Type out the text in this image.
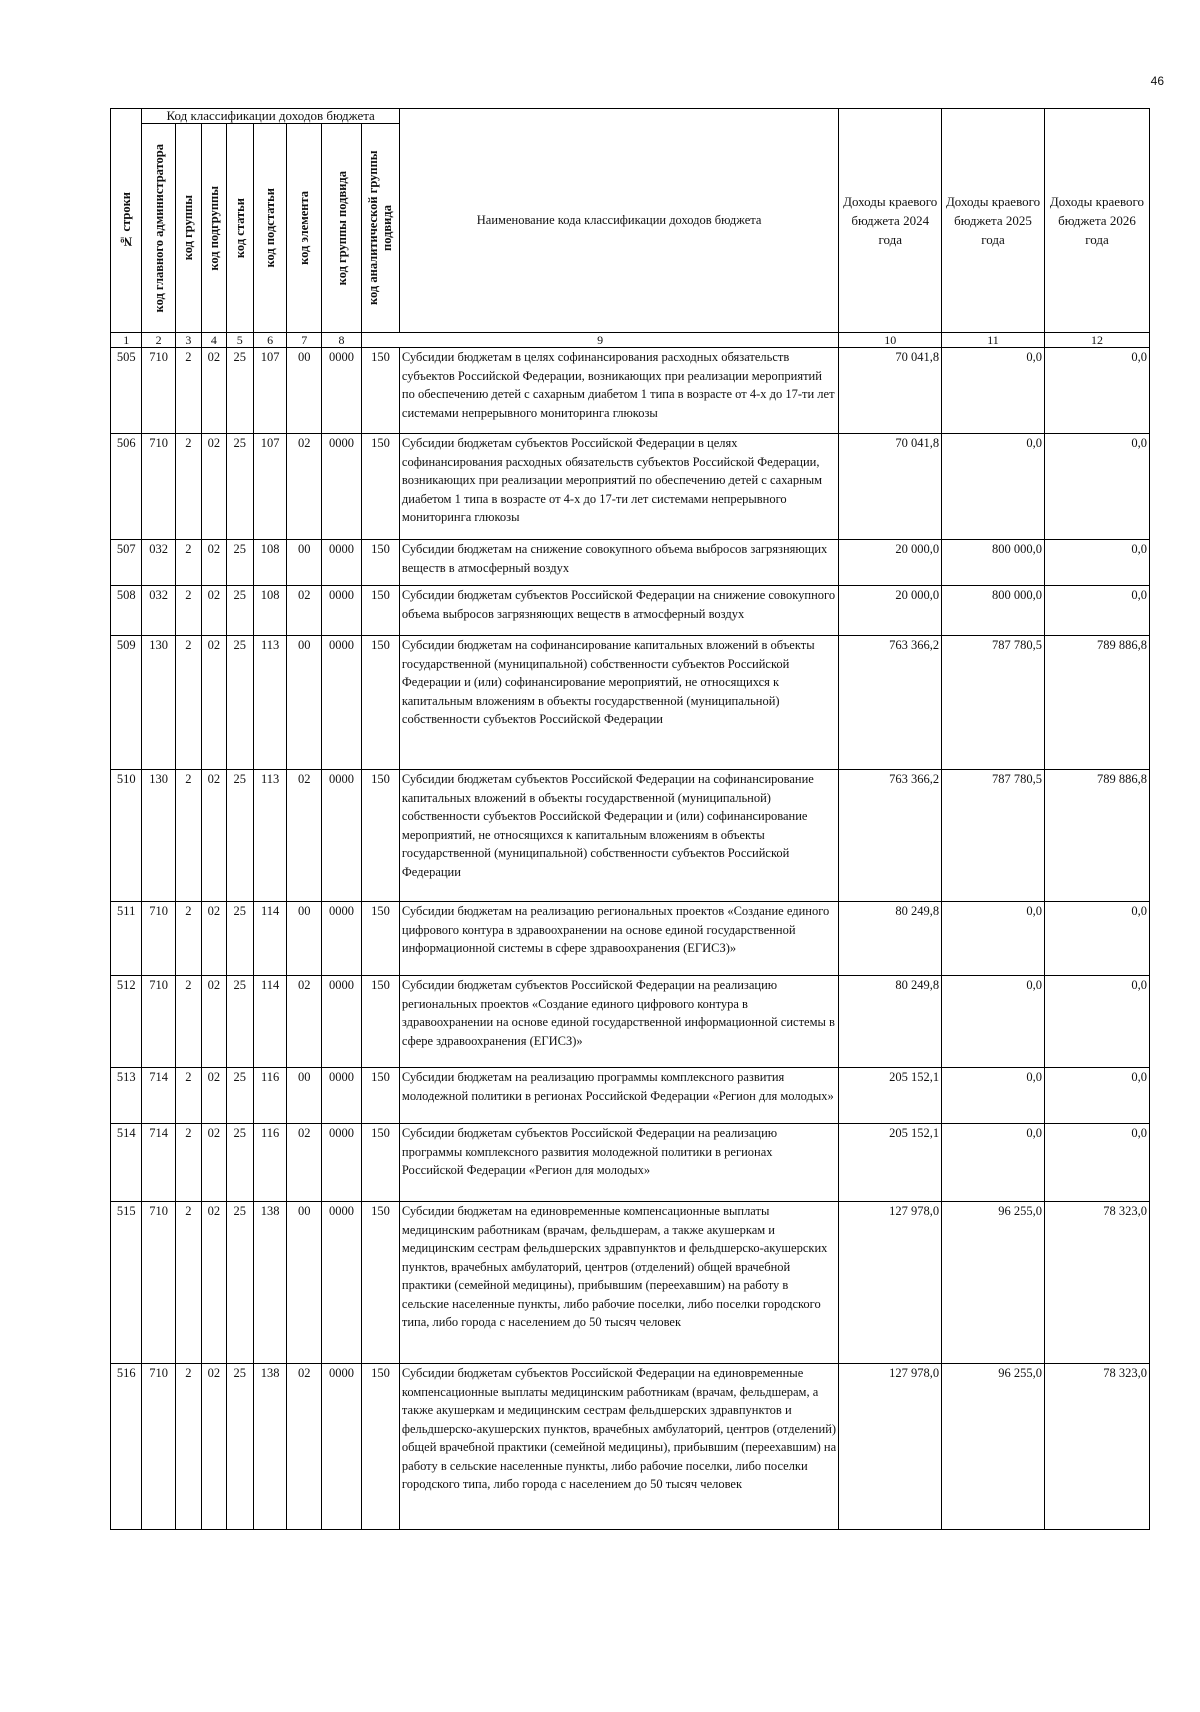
46
№ строки	Код классификации доходов бюджета								Наименование кода классификации доходов бюджета	Доходы краевого бюджета 2024 года	Доходы краевого бюджета 2025 года	Доходы краевого бюджета 2026 года

	код главного администратора	код группы	код подгруппы	код статьи	код подстатьи	код элемента	код группы подвида	код аналитической группы подвида				

1	2	3	4	5	6	7	8	9		10	11	12
505	710	2	02	25	107	00	0000	150	Субсидии бюджетам в целях софинансирования расходных обязательств субъектов Российской Федерации, возникающих при реализации мероприятий по обеспечению детей с сахарным диабетом 1 типа в возрасте от 4-х до 17-ти лет системами непрерывного мониторинга глюкозы	70 041,8	0,0	0,0
506	710	2	02	25	107	02	0000	150	Субсидии бюджетам субъектов Российской Федерации в целях софинансирования расходных обязательств субъектов Российской Федерации, возникающих при реализации мероприятий по обеспечению детей с сахарным диабетом 1 типа в возрасте от 4-х до 17-ти лет системами непрерывного мониторинга глюкозы	70 041,8	0,0	0,0
507	032	2	02	25	108	00	0000	150	Субсидии бюджетам на снижение совокупного объема выбросов загрязняющих веществ в атмосферный воздух	20 000,0	800 000,0	0,0
508	032	2	02	25	108	02	0000	150	Субсидии бюджетам субъектов Российской Федерации на снижение совокупного объема выбросов загрязняющих веществ в атмосферный воздух	20 000,0	800 000,0	0,0
509	130	2	02	25	113	00	0000	150	Субсидии бюджетам на софинансирование капитальных вложений в объекты государственной (муниципальной) собственности субъектов Российской Федерации и (или) софинансирование мероприятий, не относящихся к капитальным вложениям в объекты государственной (муниципальной) собственности субъектов Российской Федерации	763 366,2	787 780,5	789 886,8
510	130	2	02	25	113	02	0000	150	Субсидии бюджетам субъектов Российской Федерации на софинансирование капитальных вложений в объекты государственной (муниципальной) собственности субъектов Российской Федерации и (или) софинансирование мероприятий, не относящихся к капитальным вложениям в объекты государственной (муниципальной) собственности субъектов Российской Федерации	763 366,2	787 780,5	789 886,8
511	710	2	02	25	114	00	0000	150	Субсидии бюджетам на реализацию региональных проектов «Создание единого цифрового контура в здравоохранении на основе единой государственной информационной системы в сфере здравоохранения (ЕГИСЗ)»	80 249,8	0,0	0,0
512	710	2	02	25	114	02	0000	150	Субсидии бюджетам субъектов Российской Федерации на реализацию региональных проектов «Создание единого цифрового контура в здравоохранении на основе единой государственной информационной системы в сфере здравоохранения (ЕГИСЗ)»	80 249,8	0,0	0,0
513	714	2	02	25	116	00	0000	150	Субсидии бюджетам на реализацию программы комплексного развития молодежной политики в регионах Российской Федерации «Регион для молодых»	205 152,1	0,0	0,0
514	714	2	02	25	116	02	0000	150	Субсидии бюджетам субъектов Российской Федерации на реализацию программы комплексного развития молодежной политики в регионах Российской Федерации «Регион для молодых»	205 152,1	0,0	0,0
515	710	2	02	25	138	00	0000	150	Субсидии бюджетам на единовременные компенсационные выплаты медицинским работникам (врачам, фельдшерам, а также акушеркам и медицинским сестрам фельдшерских здравпунктов и фельдшерско-акушерских пунктов, врачебных амбулаторий, центров (отделений) общей врачебной практики (семейной медицины), прибывшим (переехавшим) на работу в сельские населенные пункты, либо рабочие поселки, либо поселки городского типа, либо города с населением до 50 тысяч человек	127 978,0	96 255,0	78 323,0
516	710	2	02	25	138	02	0000	150	Субсидии бюджетам субъектов Российской Федерации на единовременные компенсационные выплаты медицинским работникам (врачам, фельдшерам, а также акушеркам и медицинским сестрам фельдшерских здравпунктов и фельдшерско-акушерских пунктов, врачебных амбулаторий, центров (отделений) общей врачебной практики (семейной медицины), прибывшим (переехавшим) на работу в сельские населенные пункты, либо рабочие поселки, либо поселки городского типа, либо города с населением до 50 тысяч человек	127 978,0	96 255,0	78 323,0
